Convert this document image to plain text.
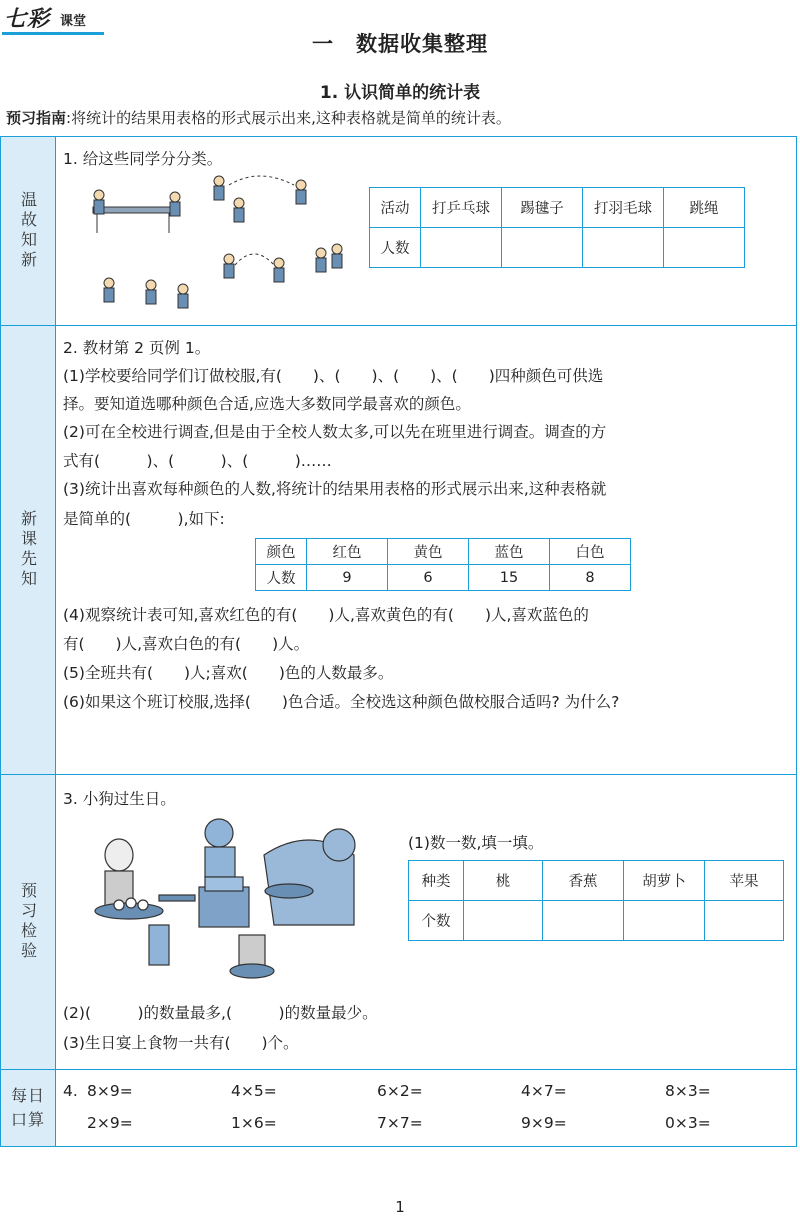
七彩 课堂
一　数据收集整理
1. 认识简单的统计表
预习指南:将统计的结果用表格的形式展示出来,这种表格就是简单的统计表。
温故知新
1. 给这些同学分分类。
活动	打乒乓球	踢毽子	打羽毛球	跳绳
人数				
新课先知
2. 教材第 2 页例 1。
(1)学校要给同学们订做校服,有(　　)、(　　)、(　　)、(　　)四种颜色可供选
择。要知道选哪种颜色合适,应选大多数同学最喜欢的颜色。
(2)可在全校进行调查,但是由于全校人数太多,可以先在班里进行调查。调查的方
式有(　　　)、(　　　)、(　　　)……
(3)统计出喜欢每种颜色的人数,将统计的结果用表格的形式展示出来,这种表格就
是简单的(　　　),如下:
颜色	红色	黄色	蓝色	白色
人数	9	6	15	8
(4)观察统计表可知,喜欢红色的有(　　)人,喜欢黄色的有(　　)人,喜欢蓝色的
有(　　)人,喜欢白色的有(　　)人。
(5)全班共有(　　)人;喜欢(　　)色的人数最多。
(6)如果这个班订校服,选择(　　)色合适。全校选这种颜色做校服合适吗? 为什么?
预习检验
3. 小狗过生日。
(1)数一数,填一填。
种类	桃	香蕉	胡萝卜	苹果
个数				
(2)(　　　)的数量最多,(　　　)的数量最少。
(3)生日宴上食物一共有(　　)个。
每日口算
4. 8×9=	4×5=	6×2=	4×7=	8×3=
2×9=	1×6=	7×7=	9×9=	0×3=
1
